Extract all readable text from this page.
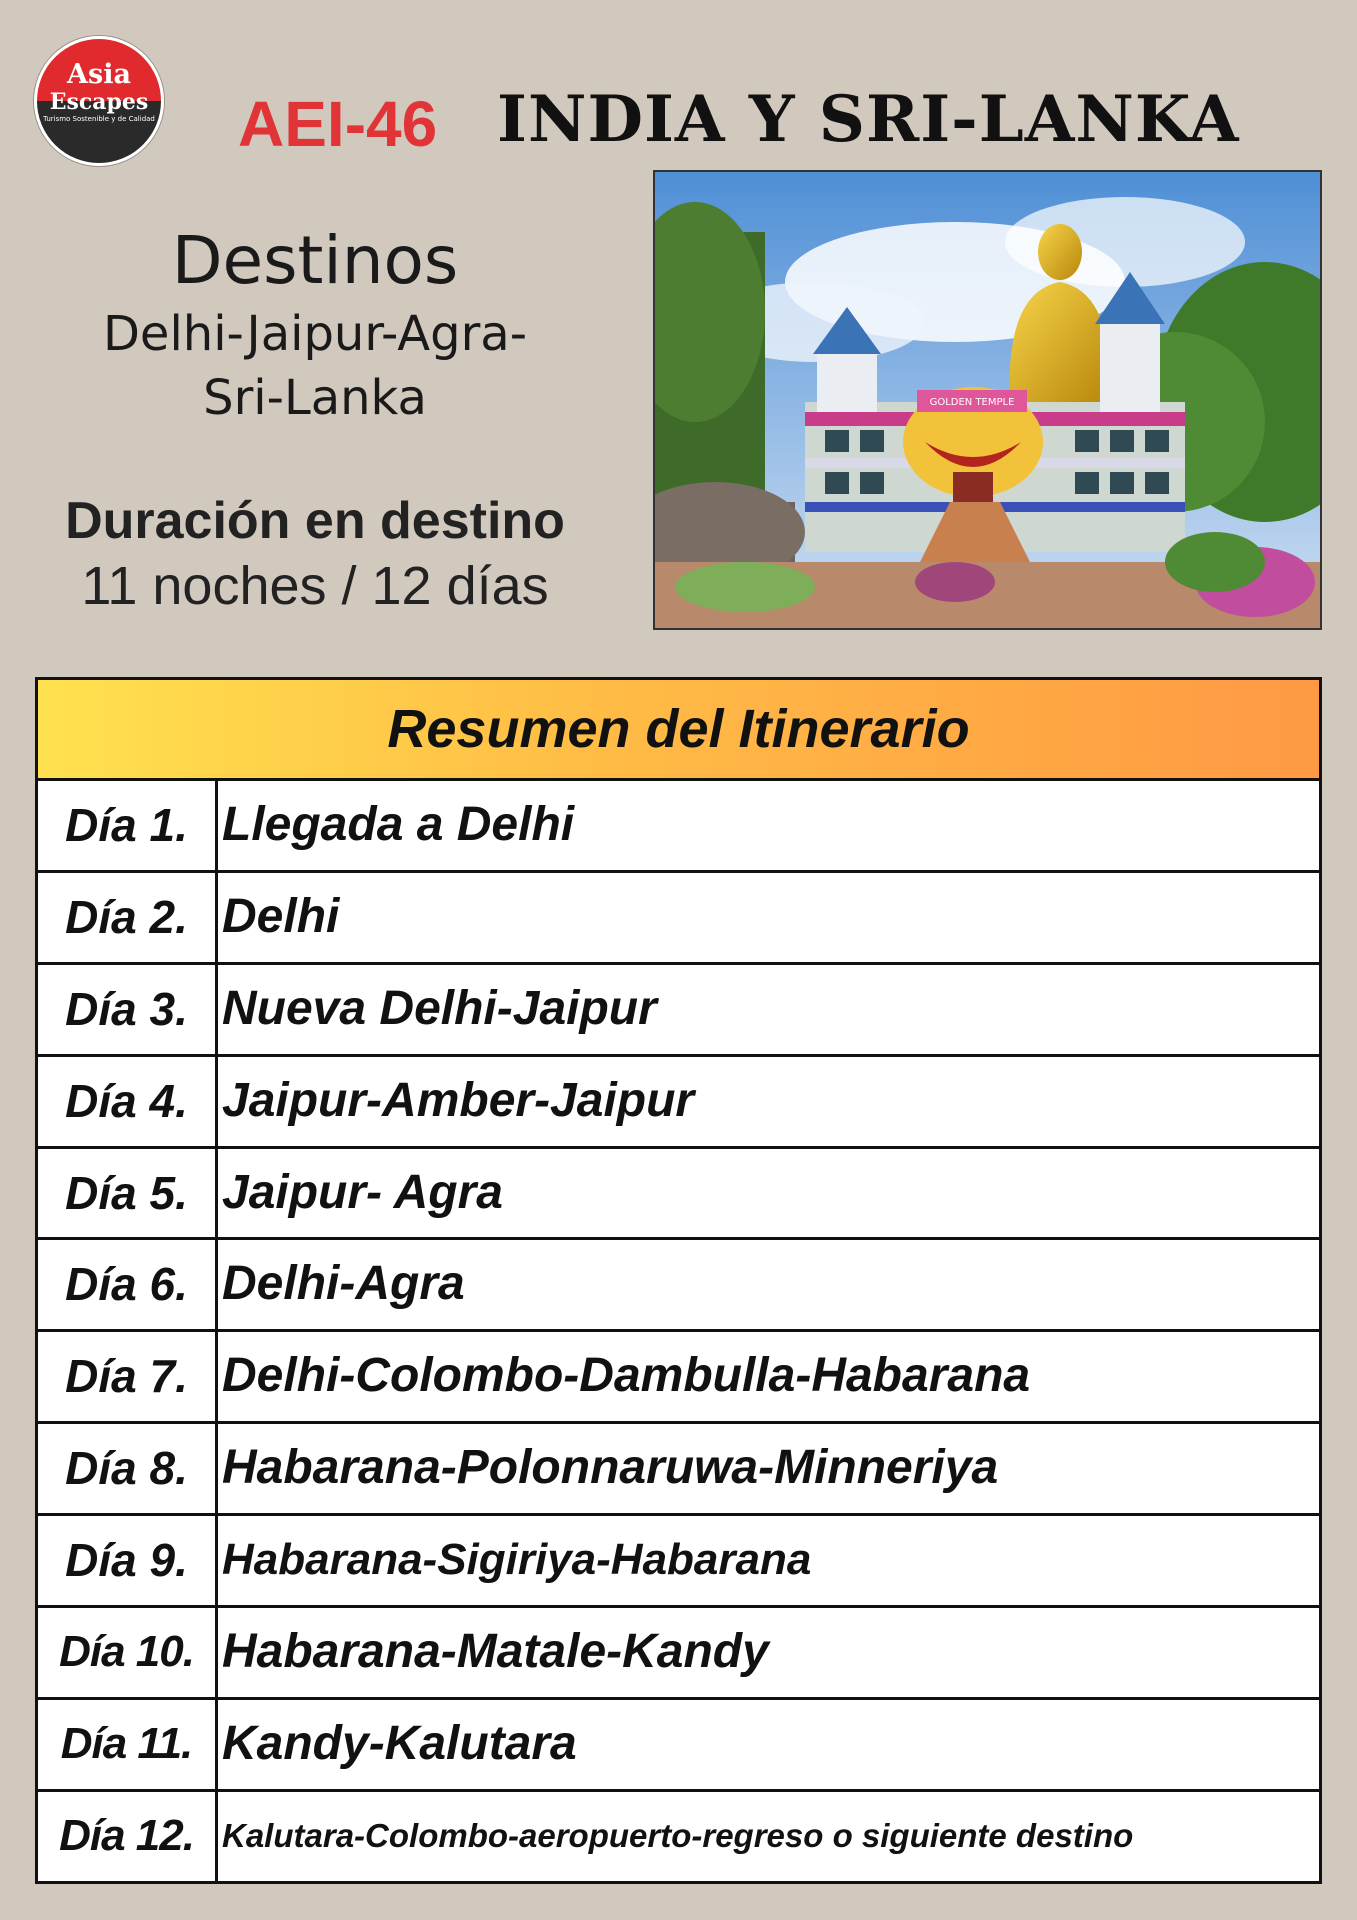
Asia
Escapes
Turismo Sostenible y de Calidad AEI-46 INDIA Y SRI-LANKA
Destinos
Delhi-Jaipur-Agra-
Sri-Lanka
Duración en destino
11 noches / 12 días
GOLDEN TEMPLE
Resumen del Itinerario
Día 1. Llegada a Delhi
Día 2. Delhi
Día 3. Nueva Delhi-Jaipur
Día 4. Jaipur-Amber-Jaipur
Día 5. Jaipur- Agra
Día 6. Delhi-Agra
Día 7. Delhi-Colombo-Dambulla-Habarana
Día 8. Habarana-Polonnaruwa-Minneriya
Día 9. Habarana-Sigiriya-Habarana
Día 10. Habarana-Matale-Kandy
Día 11. Kandy-Kalutara
Día 12. Kalutara-Colombo-aeropuerto-regreso o siguiente destino
